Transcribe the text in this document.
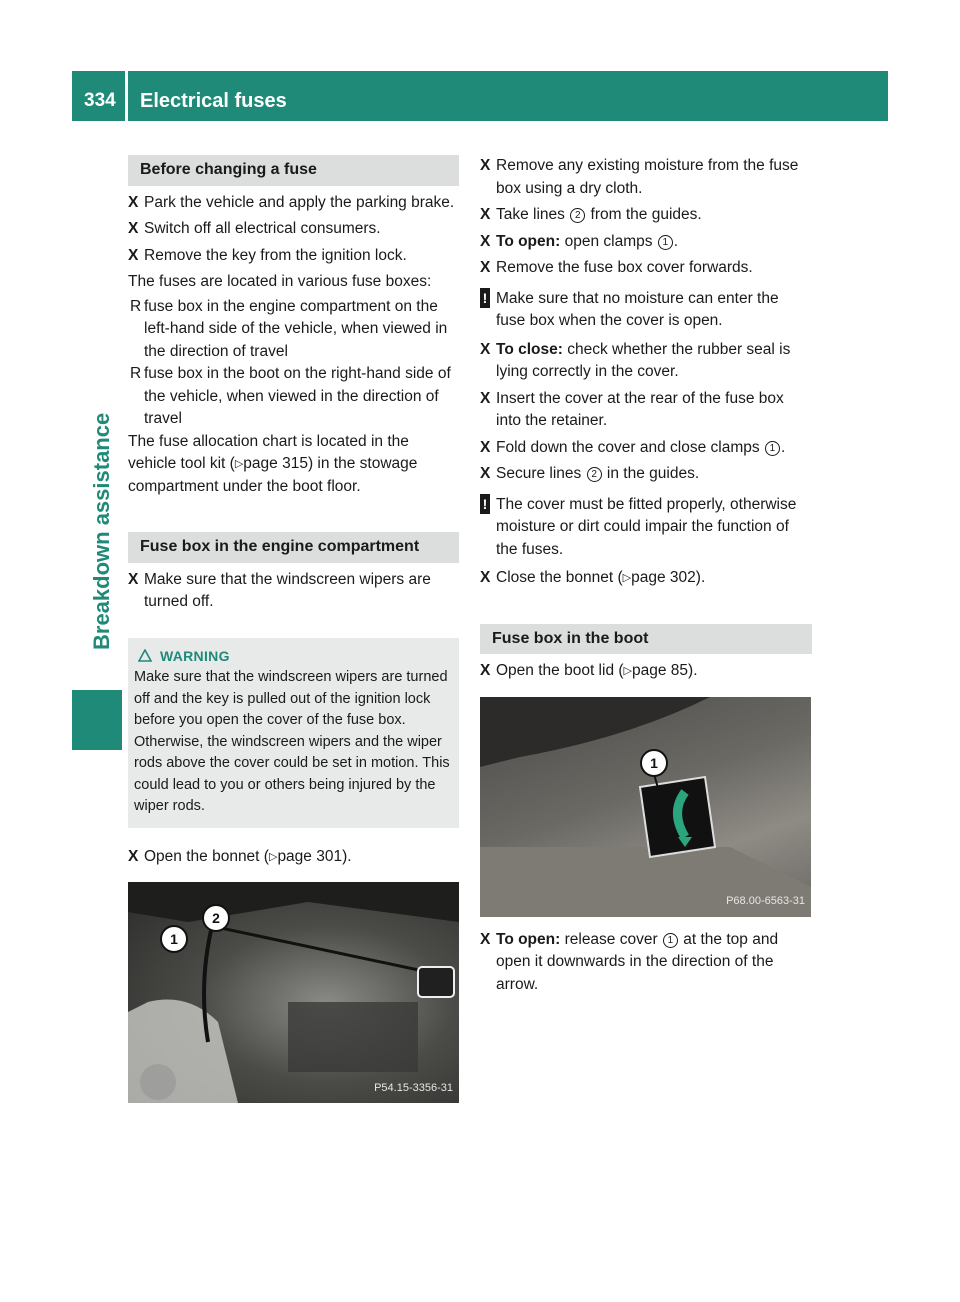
334 Electrical fuses
Breakdown assistance
Before changing a fuse
X Park the vehicle and apply the parking brake.
X Switch off all electrical consumers.
X Remove the key from the ignition lock.
The fuses are located in various fuse boxes:
R fuse box in the engine compartment on the left-hand side of the vehicle, when viewed in the direction of travel
R fuse box in the boot on the right-hand side of the vehicle, when viewed in the direction of travel
The fuse allocation chart is located in the vehicle tool kit (▷page 315) in the stowage compartment under the boot floor.
Fuse box in the engine compartment
X Make sure that the windscreen wipers are turned off.
WARNING
Make sure that the windscreen wipers are turned off and the key is pulled out of the ignition lock before you open the cover of the fuse box. Otherwise, the windscreen wipers and the wiper rods above the cover could be set in motion. This could lead to you or others being injured by the wiper rods.
X Open the bonnet (▷page 301).
1
2
P54.15-3356-31
X Remove any existing moisture from the fuse box using a dry cloth.
X Take lines 2 from the guides.
X To open: open clamps 1 .
X Remove the fuse box cover forwards.
! Make sure that no moisture can enter the fuse box when the cover is open.
X To close: check whether the rubber seal is lying correctly in the cover.
X Insert the cover at the rear of the fuse box into the retainer.
X Fold down the cover and close clamps 1 .
X Secure lines 2 in the guides.
! The cover must be fitted properly, otherwise moisture or dirt could impair the function of the fuses.
X Close the bonnet (▷page 302).
Fuse box in the boot
X Open the boot lid (▷page 85).
1
P68.00-6563-31
X To open: release cover 1 at the top and open it downwards in the direction of the arrow.
